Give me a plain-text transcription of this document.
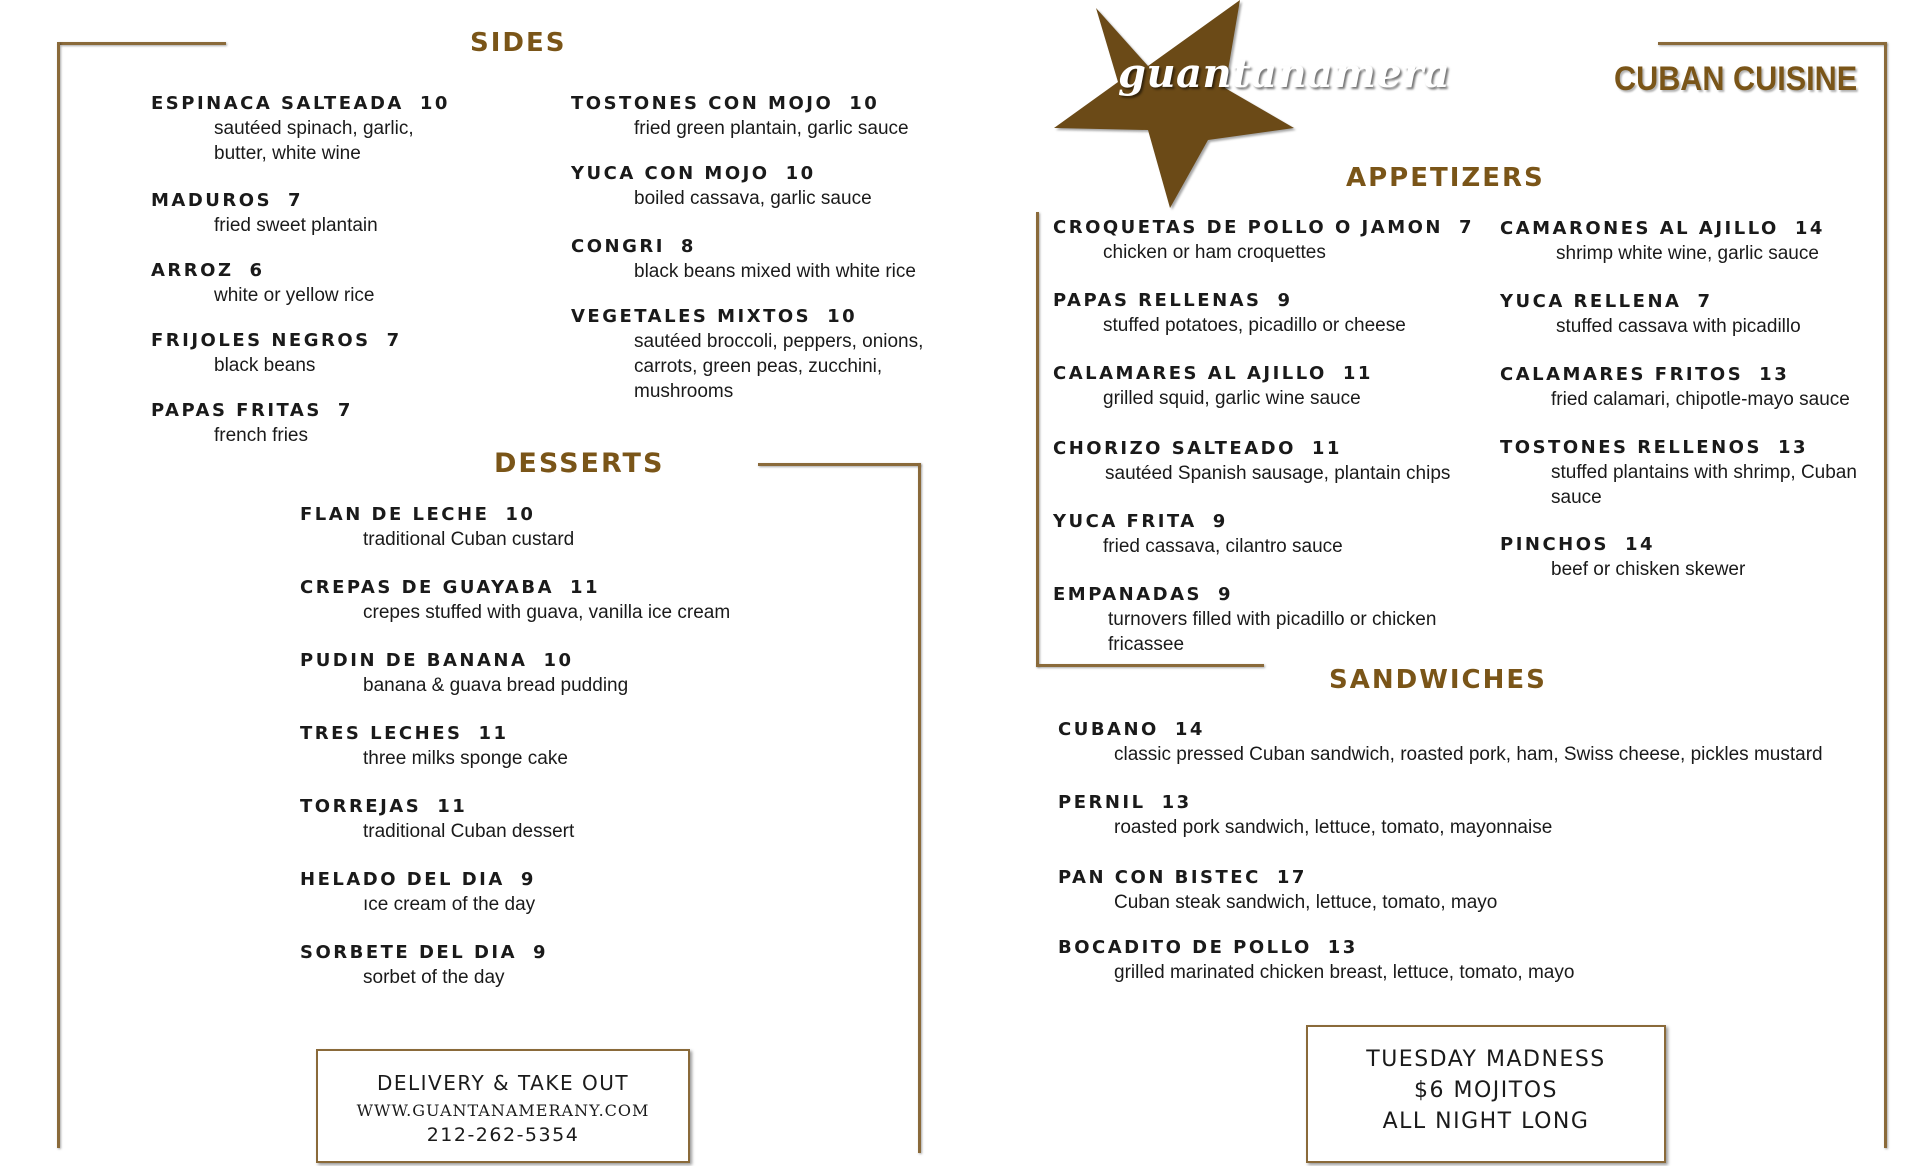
SIDES
ESPINACA SALTEADA 10
sautéed spinach, garlic, butter, white wine
MADUROS 7
fried sweet plantain
ARROZ 6
white or yellow rice
FRIJOLES NEGROS 7
black beans
PAPAS FRITAS 7
french fries
TOSTONES CON MOJO 10
fried green plantain, garlic sauce
YUCA CON MOJO 10
boiled cassava, garlic sauce
CONGRI 8
black beans mixed with white rice
VEGETALES MIXTOS 10
sautéed broccoli, peppers, onions, carrots, green peas, zucchini, mushrooms
DESSERTS
FLAN DE LECHE 10
traditional Cuban custard
CREPAS DE GUAYABA 11
crepes stuffed with guava, vanilla ice cream
PUDIN DE BANANA 10
banana & guava bread pudding
TRES LECHES 11
three milks sponge cake
TORREJAS 11
traditional Cuban dessert
HELADO DEL DIA 9
ıce cream of the day
SORBETE DEL DIA 9
sorbet of the day
DELIVERY & TAKE OUT
WWW.GUANTANAMERANY.COM
212-262-5354
guantanamera	CUBAN CUISINE
APPETIZERS
CROQUETAS DE POLLO O JAMON 7
chicken or ham croquettes
PAPAS RELLENAS 9
stuffed potatoes, picadillo or cheese
CALAMARES AL AJILLO 11
grilled squid, garlic wine sauce
CHORIZO SALTEADO 11
sautéed Spanish sausage, plantain chips
YUCA FRITA 9
fried cassava, cilantro sauce
EMPANADAS 9
turnovers filled with picadillo or chicken fricassee
CAMARONES AL AJILLO 14
shrimp white wine, garlic sauce
YUCA RELLENA 7
stuffed cassava with picadillo
CALAMARES FRITOS 13
fried calamari, chipotle-mayo sauce
TOSTONES RELLENOS 13
stuffed plantains with shrimp, Cuban sauce
PINCHOS 14
beef or chisken skewer
SANDWICHES
CUBANO 14
classic pressed Cuban sandwich, roasted pork, ham, Swiss cheese, pickles mustard
PERNIL 13
roasted pork sandwich, lettuce, tomato, mayonnaise
PAN CON BISTEC 17
Cuban steak sandwich, lettuce, tomato, mayo
BOCADITO DE POLLO 13
grilled marinated chicken breast, lettuce, tomato, mayo
TUESDAY MADNESS
$6 MOJITOS
ALL NIGHT LONG
